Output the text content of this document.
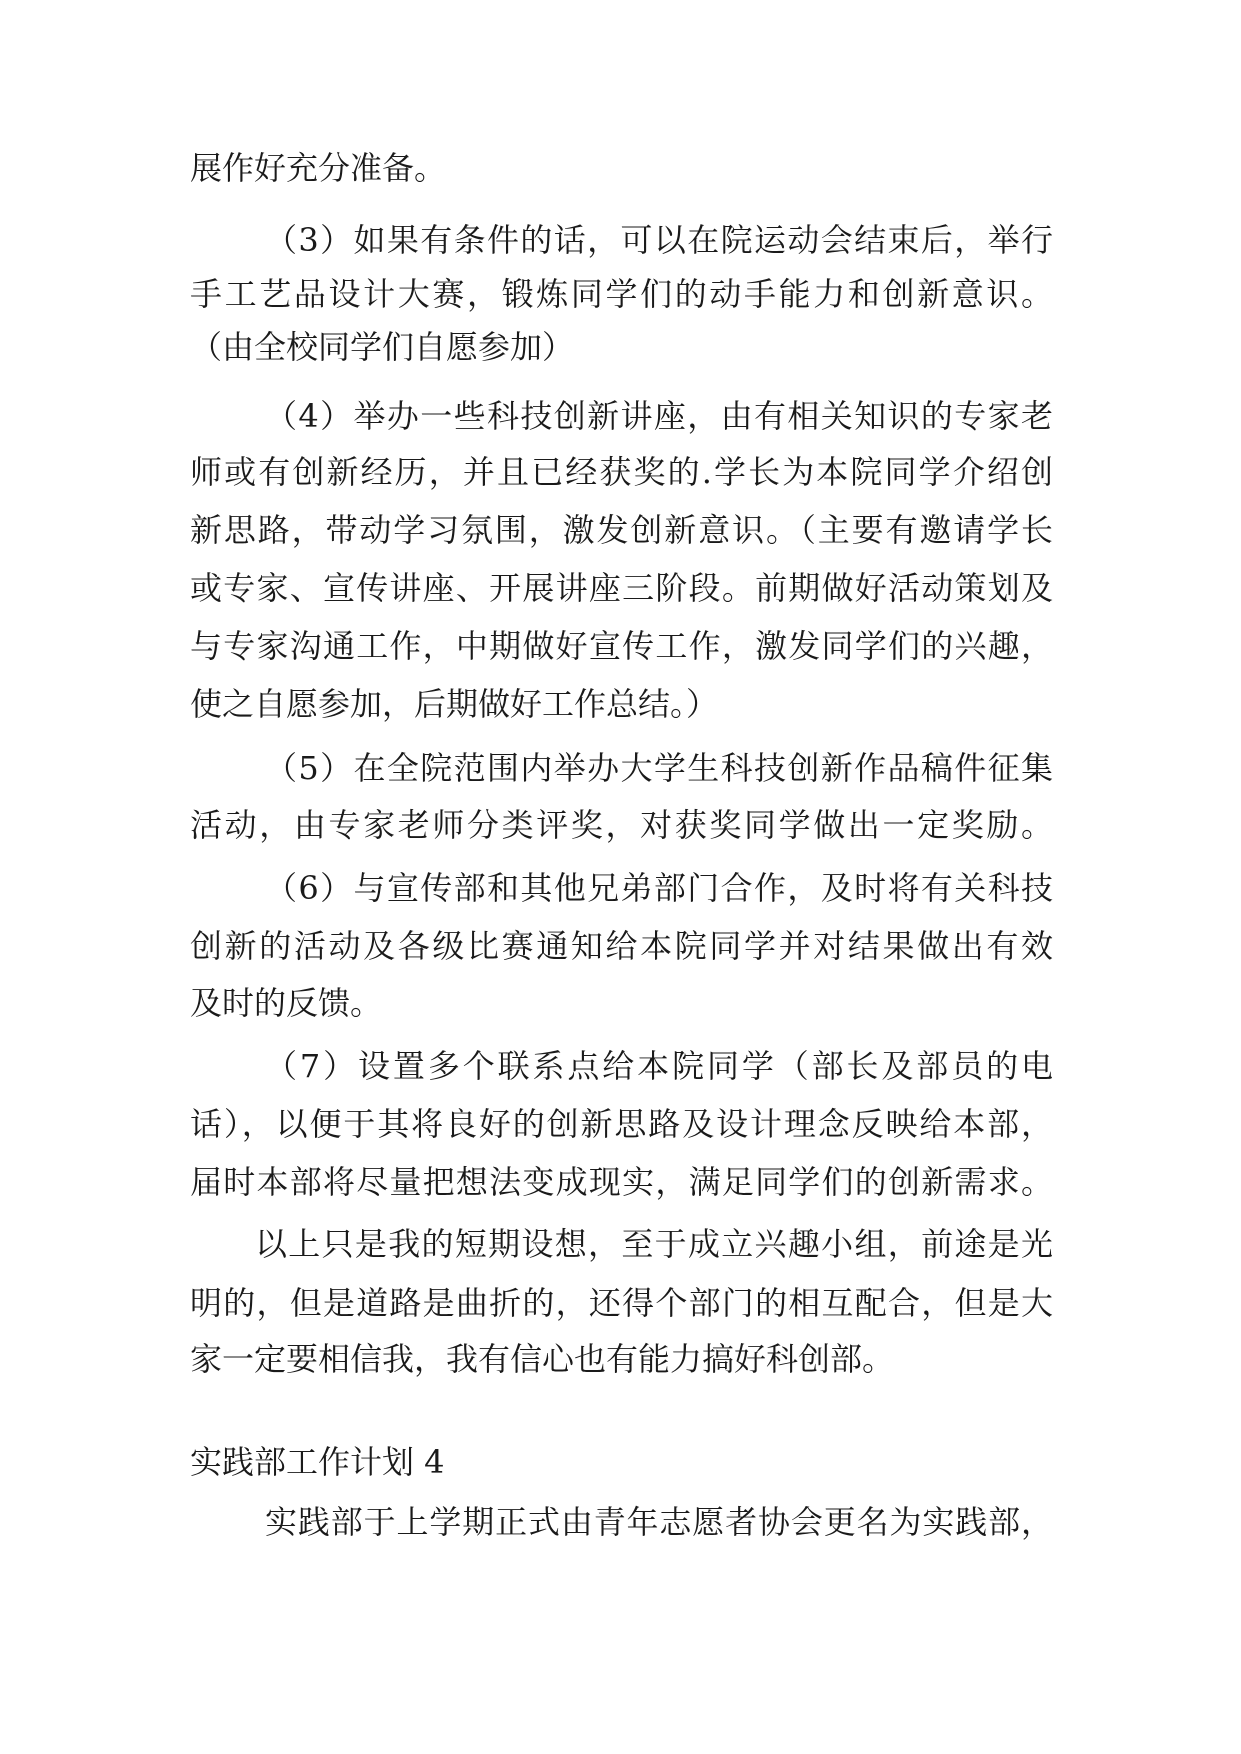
展作好充分准备。

（3）如果有条件的话，可以在院运动会结束后，举行

手工艺品设计大赛，锻炼同学们的动手能力和创新意识。

（由全校同学们自愿参加）

（4）举办一些科技创新讲座，由有相关知识的专家老

师或有创新经历，并且已经获奖的.学长为本院同学介绍创

新思路，带动学习氛围，激发创新意识。（主要有邀请学长

或专家、宣传讲座、开展讲座三阶段。前期做好活动策划及

与专家沟通工作，中期做好宣传工作，激发同学们的兴趣，

使之自愿参加，后期做好工作总结。）

（5）在全院范围内举办大学生科技创新作品稿件征集

活动，由专家老师分类评奖，对获奖同学做出一定奖励。

（6）与宣传部和其他兄弟部门合作，及时将有关科技

创新的活动及各级比赛通知给本院同学并对结果做出有效

及时的反馈。

（7）设置多个联系点给本院同学（部长及部员的电

话），以便于其将良好的创新思路及设计理念反映给本部，

届时本部将尽量把想法变成现实，满足同学们的创新需求。

以上只是我的短期设想，至于成立兴趣小组，前途是光

明的，但是道路是曲折的，还得个部门的相互配合，但是大

家一定要相信我，我有信心也有能力搞好科创部。

实践部工作计划 4

实践部于上学期正式由青年志愿者协会更名为实践部，
